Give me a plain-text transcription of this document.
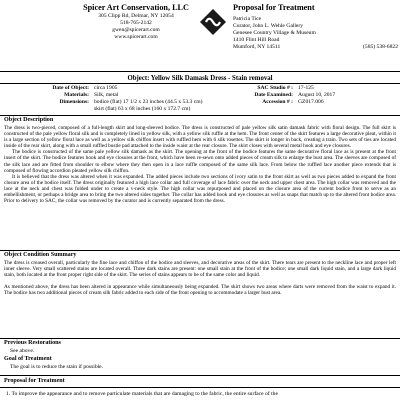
Spicer Art Conservation, LLC
305 Clipp Rd, Delmar, NY 12054
518-765-2142
gwen@spicerart.com
www.spicerart.com
Proposal for Treatment
Patricia Tice
Curator, John L. Wehle Gallery
Genesee Country Village & Museum
1410 Flint Hill Road
Mumford, NY 14511	(585) 538-6822
Object: Yellow Silk Damask Dress - Stain removal
Date of Object: circa 1905
Materials: Silk, metal
Dimensions: bodice (flat) 17 1/2 x 23 inches (44.5 x 53.3 cm)
skirt (flat) 63 x 68 inches (160 x 172.7 cm)
SAC Studio # : 17-125
Date Examined: August 10, 2017
Accession # : GZ017.006
Object Description

The dress is two-pieced, composed of a full-length skirt and long-sleeved bodice. The dress is constructed of pale yellow silk satin damask fabric with floral design. The full skirt is constructed of the pale yellow floral silk and is completely lined in yellow silk, with a yellow silk ruffle at the hem. The front center of the skirt features a large decorative pleat, within it is a large section of yellow floral lace as well as a yellow silk chiffon insert with ruffled hem with 6 silk rosettes. The skirt is longer in back, creating a train. Two sets of ties are located inside of the rear skirt, along with a small ruffled bustle pad attached to the inside waist at the rear closure. The skirt closes with several metal hook and eye closures.

The bodice is constructed of the same pale yellow silk damask as the skirt. The opening at the front of the bodice features the same decorative floral lace as is present at the front insert of the skirt. The bodice features hook and eye closures at the front, which have been re-sewn onto added pieces of cream silk to enlarge the bust area. The sleeves are composed of the silk lace and are fitted from shoulder to elbow where they then open in a lace ruffle composed of the same silk lace. From below the ruffled lace another piece extends that is composed of flowing accordion pleated yellow silk chiffon.

It is believed that the dress was altered when it was expanded. The added pieces include two sections of ivory satin to the front skirt as well as two pieces added to expand the front closure area of the bodice itself. The dress originally featured a high lace collar and full coverage of lace fabric over the neck and upper chest area. The high collar was removed and the lace at the neck and chest was folded under to create a v-neck style. The high collar was repurposed and placed on the closure area of the current bodice front to serve as an embellishment, or perhaps a bridge area to bring the two altered sides together. The collar has added hook and eye closures as well as snaps that match up to the altered front bodice area. Prior to delivery to SAC, the collar was removed by the curator and is currently separated from the dress.

Object Condition Summary

The dress is creased overall, particularly the fine lace and chiffon of the bodice and sleeves, and decorative areas of the skirt. There tears are present to the neckline lace and proper left inner sleeve. Very small scattered stains are located overall. Three dark stains are present: one small stain at the front of the bodice; one small dark liquid stain, and a large dark liquid stain, both located at the front proper right side of the skirt. The series of stains appears to be of the same color and liquid.

As mentioned above, the dress has been altered in appearance while simultaneously being expanded. The skirt shows two areas where darts were removed from the waist to expand it. The bodice has two additional pieces of cream silk fabric added to each side of the front opening to accommodate a larger bust area.

Previous Restorations
See above.
Goal of Treatment
The goal is to reduce the stain if possible.
Proposal for Treatment
1. To improve the appearance and to remove particulate materials that are damaging to the fabric, the entire surface of the
